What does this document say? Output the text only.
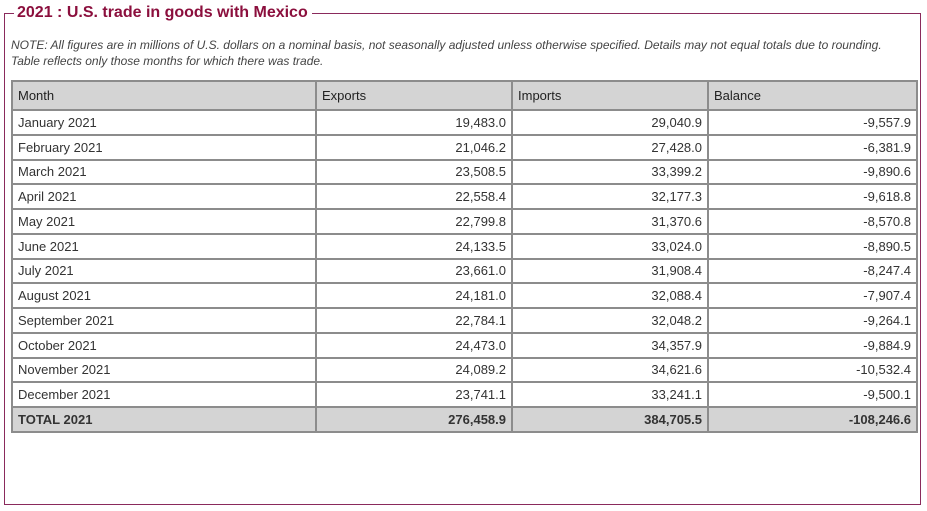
2021 : U.S. trade in goods with Mexico
NOTE: All figures are in millions of U.S. dollars on a nominal basis, not seasonally adjusted unless otherwise specified. Details may not equal totals due to rounding. Table reflects only those months for which there was trade.
Month	Exports	Imports	Balance
January 2021	19,483.0	29,040.9	-9,557.9
February 2021	21,046.2	27,428.0	-6,381.9
March 2021	23,508.5	33,399.2	-9,890.6
April 2021	22,558.4	32,177.3	-9,618.8
May 2021	22,799.8	31,370.6	-8,570.8
June 2021	24,133.5	33,024.0	-8,890.5
July 2021	23,661.0	31,908.4	-8,247.4
August 2021	24,181.0	32,088.4	-7,907.4
September 2021	22,784.1	32,048.2	-9,264.1
October 2021	24,473.0	34,357.9	-9,884.9
November 2021	24,089.2	34,621.6	-10,532.4
December 2021	23,741.1	33,241.1	-9,500.1
TOTAL 2021	276,458.9	384,705.5	-108,246.6
